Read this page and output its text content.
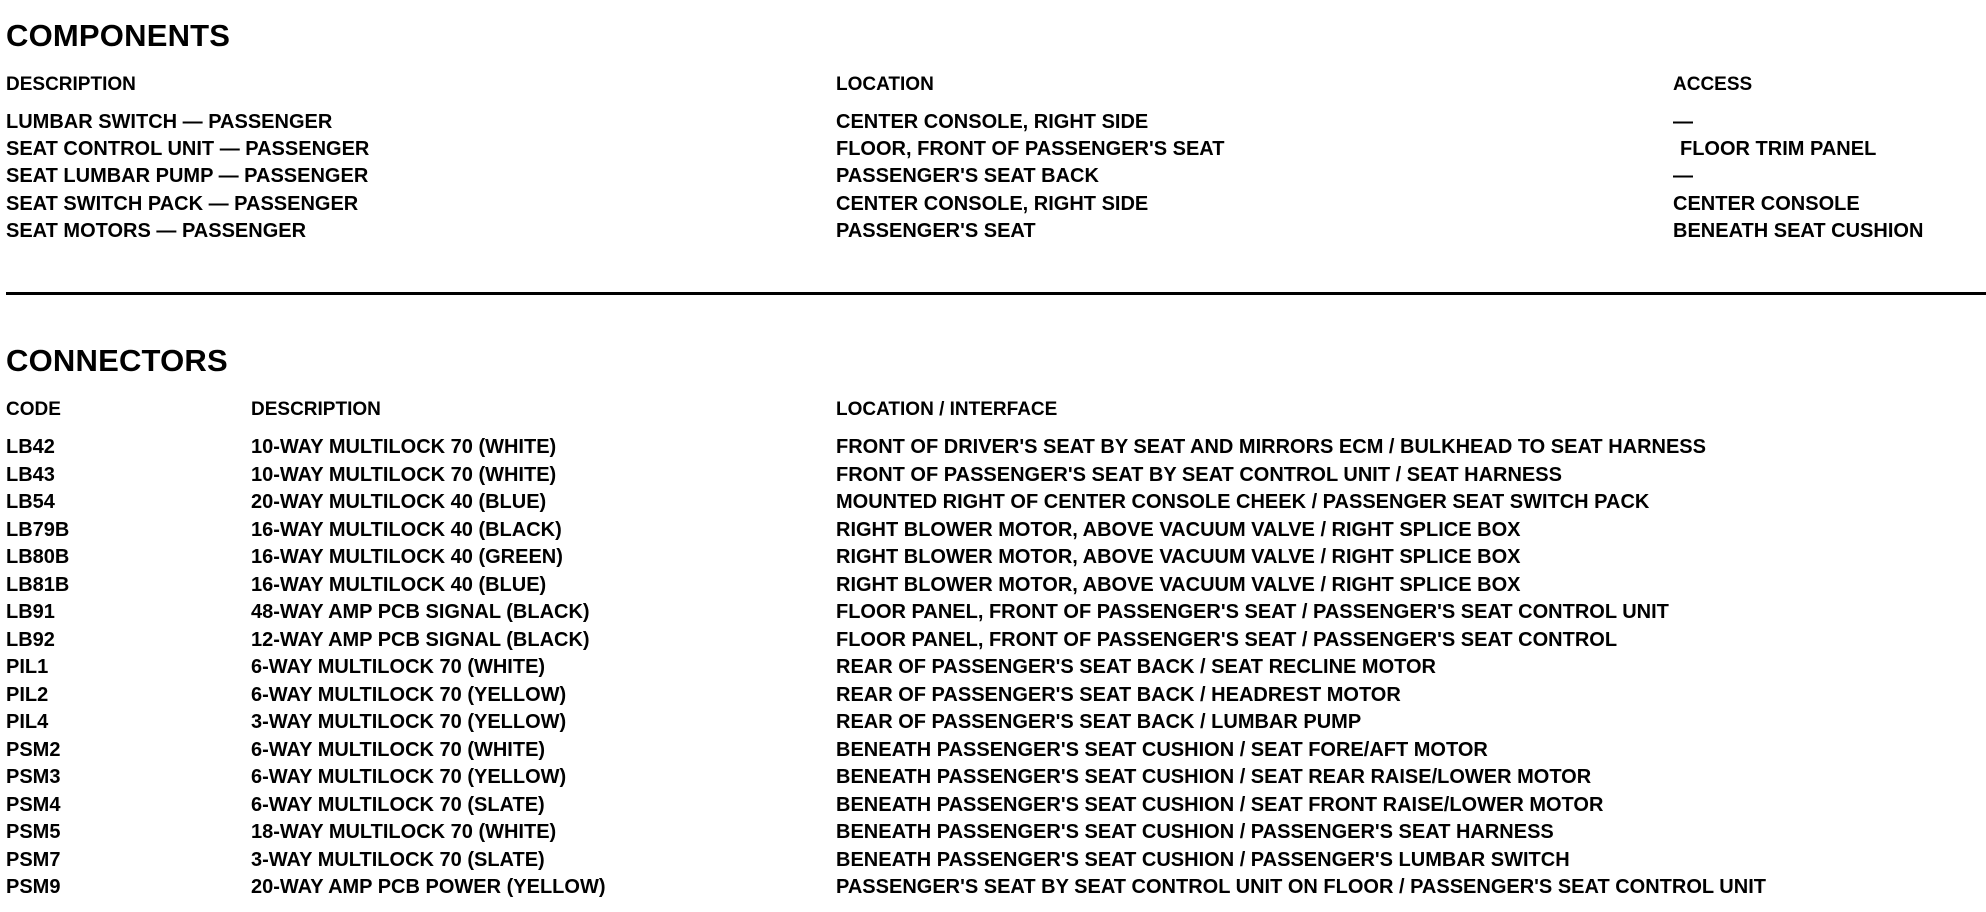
COMPONENTS
DESCRIPTION	LOCATION	ACCESS
LUMBAR SWITCH — PASSENGER	CENTER CONSOLE, RIGHT SIDE	—
SEAT CONTROL UNIT — PASSENGER	FLOOR, FRONT OF PASSENGER'S SEAT	FLOOR TRIM PANEL
SEAT LUMBAR PUMP — PASSENGER	PASSENGER'S SEAT BACK	—
SEAT SWITCH PACK — PASSENGER	CENTER CONSOLE, RIGHT SIDE	CENTER CONSOLE
SEAT MOTORS — PASSENGER	PASSENGER'S SEAT	BENEATH SEAT CUSHION
CONNECTORS
CODE	DESCRIPTION	LOCATION / INTERFACE
LB42	10-WAY MULTILOCK 70 (WHITE)	FRONT OF DRIVER'S SEAT BY SEAT AND MIRRORS ECM / BULKHEAD TO SEAT HARNESS
LB43	10-WAY MULTILOCK 70 (WHITE)	FRONT OF PASSENGER'S SEAT BY SEAT CONTROL UNIT / SEAT HARNESS
LB54	20-WAY MULTILOCK 40 (BLUE)	MOUNTED RIGHT OF CENTER CONSOLE CHEEK / PASSENGER SEAT SWITCH PACK
LB79B	16-WAY MULTILOCK 40 (BLACK)	RIGHT BLOWER MOTOR, ABOVE VACUUM VALVE / RIGHT SPLICE BOX
LB80B	16-WAY MULTILOCK 40 (GREEN)	RIGHT BLOWER MOTOR, ABOVE VACUUM VALVE / RIGHT SPLICE BOX
LB81B	16-WAY MULTILOCK 40 (BLUE)	RIGHT BLOWER MOTOR, ABOVE VACUUM VALVE / RIGHT SPLICE BOX
LB91	48-WAY AMP PCB SIGNAL (BLACK)	FLOOR PANEL, FRONT OF PASSENGER'S SEAT / PASSENGER'S SEAT CONTROL UNIT
LB92	12-WAY AMP PCB SIGNAL (BLACK)	FLOOR PANEL, FRONT OF PASSENGER'S SEAT / PASSENGER'S SEAT CONTROL
PIL1	6-WAY MULTILOCK 70 (WHITE)	REAR OF PASSENGER'S SEAT BACK / SEAT RECLINE MOTOR
PIL2	6-WAY MULTILOCK 70 (YELLOW)	REAR OF PASSENGER'S SEAT BACK / HEADREST MOTOR
PIL4	3-WAY MULTILOCK 70 (YELLOW)	REAR OF PASSENGER'S SEAT BACK / LUMBAR PUMP
PSM2	6-WAY MULTILOCK 70 (WHITE)	BENEATH PASSENGER'S SEAT CUSHION / SEAT FORE/AFT MOTOR
PSM3	6-WAY MULTILOCK 70 (YELLOW)	BENEATH PASSENGER'S SEAT CUSHION / SEAT REAR RAISE/LOWER MOTOR
PSM4	6-WAY MULTILOCK 70 (SLATE)	BENEATH PASSENGER'S SEAT CUSHION / SEAT FRONT RAISE/LOWER MOTOR
PSM5	18-WAY MULTILOCK 70 (WHITE)	BENEATH PASSENGER'S SEAT CUSHION / PASSENGER'S SEAT HARNESS
PSM7	3-WAY MULTILOCK 70 (SLATE)	BENEATH PASSENGER'S SEAT CUSHION / PASSENGER'S LUMBAR SWITCH
PSM9	20-WAY AMP PCB POWER (YELLOW)	PASSENGER'S SEAT BY SEAT CONTROL UNIT ON FLOOR / PASSENGER'S SEAT CONTROL UNIT
